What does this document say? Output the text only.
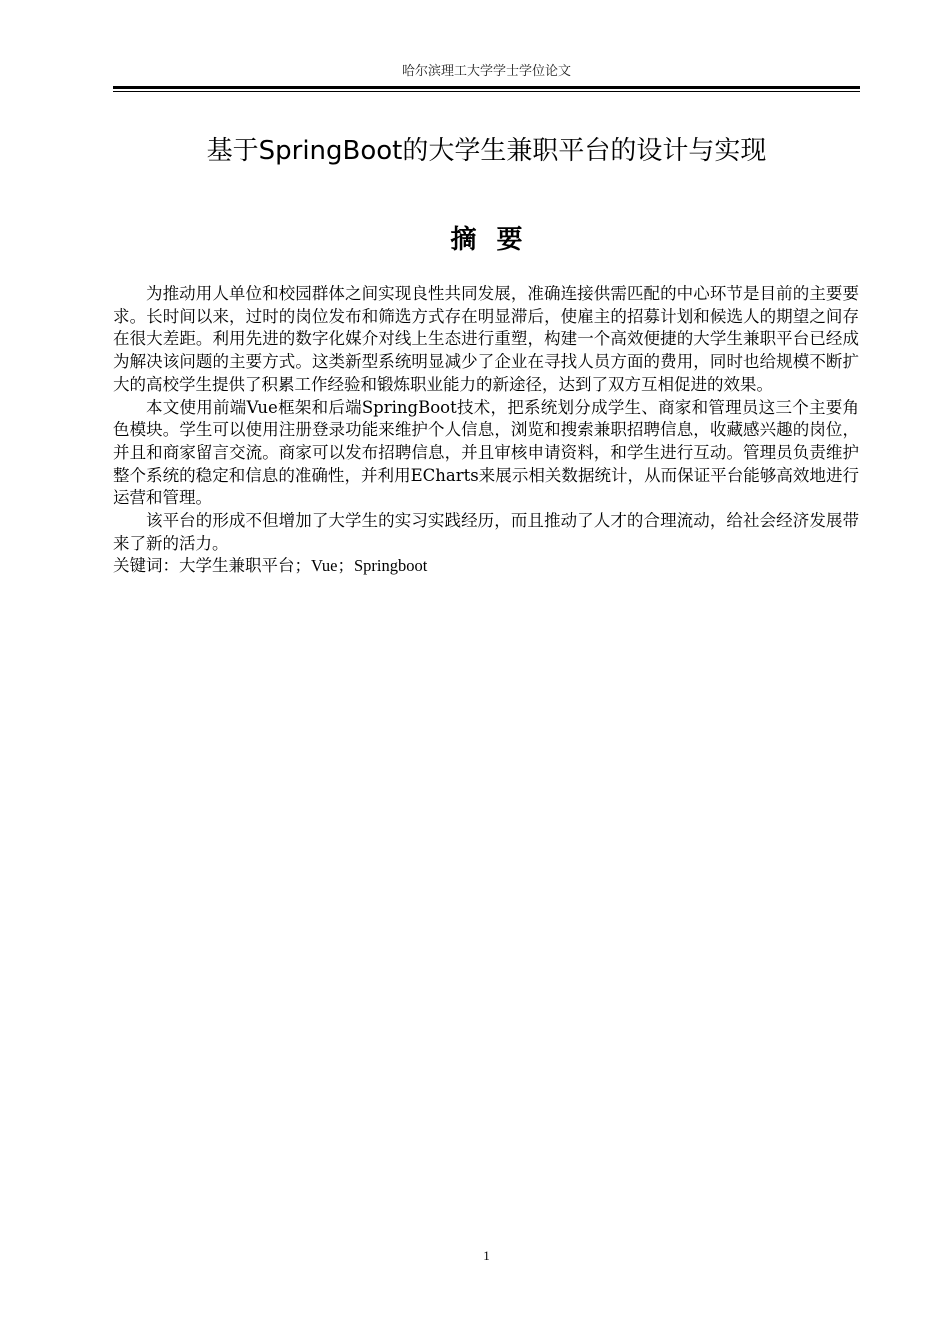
哈尔滨理工大学学士学位论文
基于SpringBoot的大学生兼职平台的设计与实现
摘要

为推动用人单位和校园群体之间实现良性共同发展，准确连接供需匹配的中心环节是目前的主要要求。长时间以来，过时的岗位发布和筛选方式存在明显滞后，使雇主的招募计划和候选人的期望之间存在很大差距。利用先进的数字化媒介对线上生态进行重塑，构建一个高效便捷的大学生兼职平台已经成为解决该问题的主要方式。这类新型系统明显减少了企业在寻找人员方面的费用，同时也给规模不断扩大的高校学生提供了积累工作经验和锻炼职业能力的新途径，达到了双方互相促进的效果。

本文使用前端Vue框架和后端SpringBoot技术，把系统划分成学生、商家和管理员这三个主要角色模块。学生可以使用注册登录功能来维护个人信息，浏览和搜索兼职招聘信息，收藏感兴趣的岗位，并且和商家留言交流。商家可以发布招聘信息，并且审核申请资料，和学生进行互动。管理员负责维护整个系统的稳定和信息的准确性，并利用ECharts来展示相关数据统计，从而保证平台能够高效地进行运营和管理。

该平台的形成不但增加了大学生的实习实践经历，而且推动了人才的合理流动，给社会经济发展带来了新的活力。

关键词：大学生兼职平台；Vue；Springboot
1
